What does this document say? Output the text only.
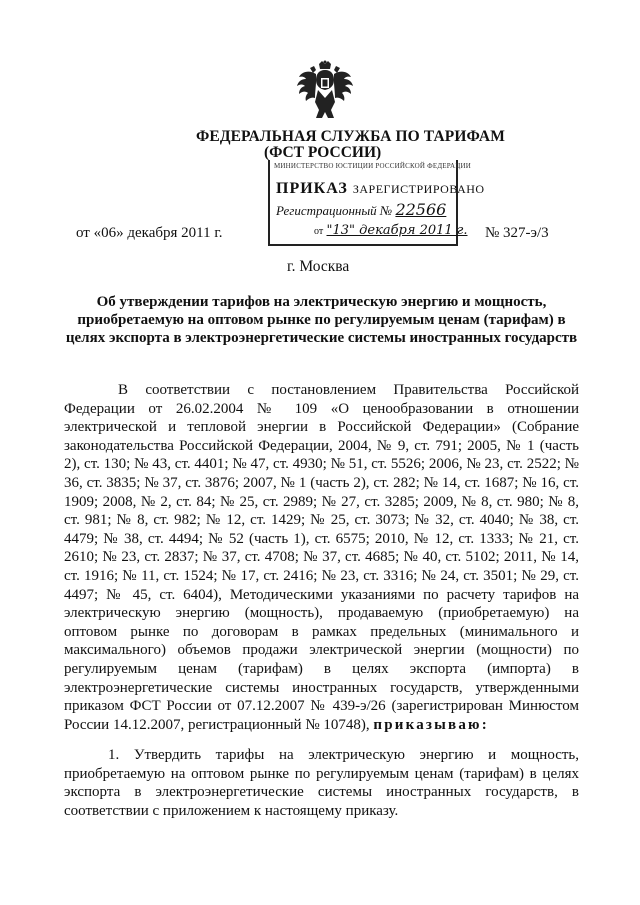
ФЕДЕРАЛЬНАЯ СЛУЖБА ПО ТАРИФАМ
(ФСТ РОССИИ)
МИНИСТЕРСТВО ЮСТИЦИИ РОССИЙСКОЙ ФЕДЕРАЦИИ
ПРИКАЗ ЗАРЕГИСТРИРОВАНО
Регистрационный № 22566
от "13" декабря 2011 г.
от «06» декабря 2011 г.	№ 327-э/3
г. Москва
Об утверждении тарифов на электрическую энергию и мощность, приобретаемую на оптовом рынке по регулируемым ценам (тарифам) в целях экспорта в электроэнергетические системы иностранных государств

В соответствии с постановлением Правительства Российской Федерации от 26.02.2004 № 109 «О ценообразовании в отношении электрической и тепловой энергии в Российской Федерации» (Собрание законодательства Российской Федерации, 2004, № 9, ст. 791; 2005, № 1 (часть 2), ст. 130; № 43, ст. 4401; № 47, ст. 4930; № 51, ст. 5526; 2006, № 23, ст. 2522; № 36, ст. 3835; № 37, ст. 3876; 2007, № 1 (часть 2), ст. 282; № 14, ст. 1687; № 16, ст. 1909; 2008, № 2, ст. 84; № 25, ст. 2989; № 27, ст. 3285; 2009, № 8, ст. 980; № 8, ст. 981; № 8, ст. 982; № 12, ст. 1429; № 25, ст. 3073; № 32, ст. 4040; № 38, ст. 4479; № 38, ст. 4494; № 52 (часть 1), ст. 6575; 2010, № 12, ст. 1333; № 21, ст. 2610; № 23, ст. 2837; № 37, ст. 4708; № 37, ст. 4685; № 40, ст. 5102; 2011, № 14, ст. 1916; № 11, ст. 1524; № 17, ст. 2416; № 23, ст. 3316; № 24, ст. 3501; № 29, ст. 4497; № 45, ст. 6404), Методическими указаниями по расчету тарифов на электрическую энергию (мощность), продаваемую (приобретаемую) на оптовом рынке по договорам в рамках предельных (минимального и максимального) объемов продажи электрической энергии (мощности) по регулируемым ценам (тарифам) в целях экспорта (импорта) в электроэнергетические системы иностранных государств, утвержденными приказом ФСТ России от 07.12.2007 № 439-э/26 (зарегистрирован Минюстом России 14.12.2007, регистрационный № 10748), приказываю:

1. Утвердить тарифы на электрическую энергию и мощность, приобретаемую на оптовом рынке по регулируемым ценам (тарифам) в целях экспорта в электроэнергетические системы иностранных государств, в соответствии с приложением к настоящему приказу.
